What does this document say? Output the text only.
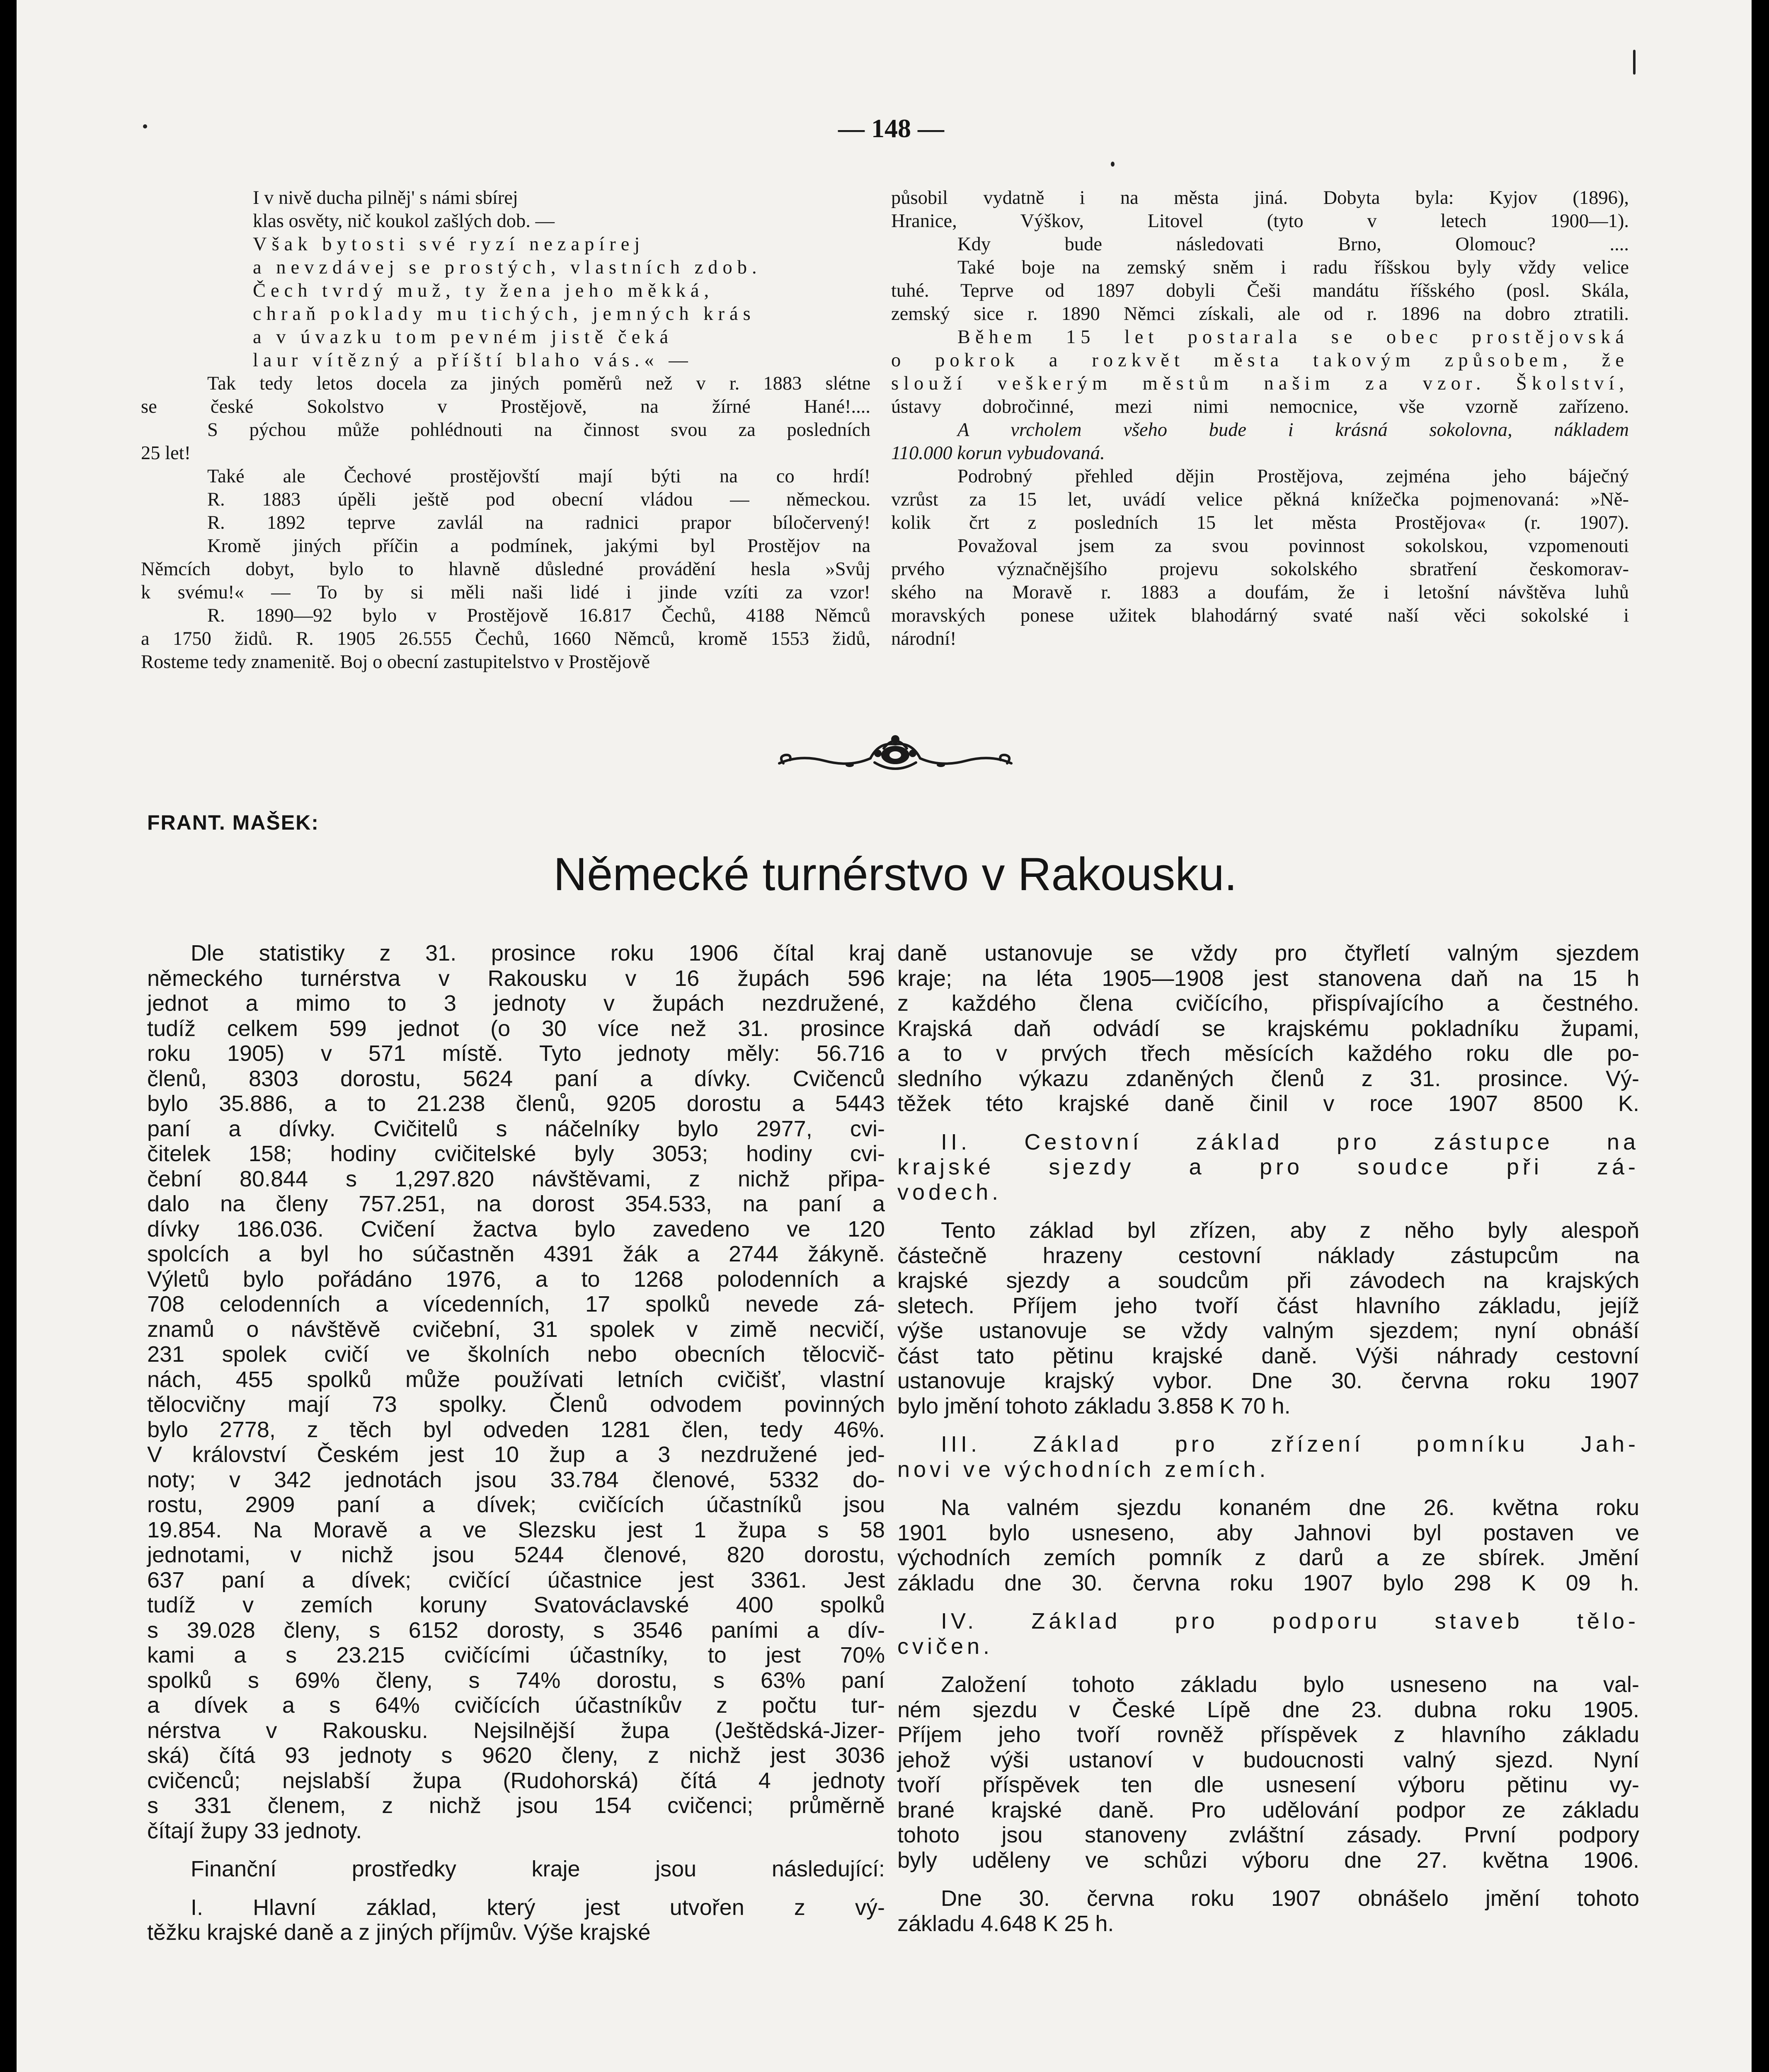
— 148 —
I v nivě ducha pilněj' s námi sbírej
klas osvěty, nič koukol zašlých dob. —
Však bytosti své ryzí nezapírej
a nevzdávej se prostých, vlastních zdob.
Čech tvrdý muž, ty žena jeho měkká,
chraň poklady mu tichých, jemných krás
a v úvazku tom pevném jistě čeká
laur vítězný a příští blaho vás.« —
Tak tedy letos docela za jiných poměrů než v r. 1883 slétne
se české Sokolstvo v Prostějově, na žírné Hané!....
S pýchou může pohlédnouti na činnost svou za posledních
25 let!
Také ale Čechové prostějovští mají býti na co hrdí!
R. 1883 úpěli ještě pod obecní vládou — německou.
R. 1892 teprve zavlál na radnici prapor bíločervený!
Kromě jiných příčin a podmínek, jakými byl Prostějov na
Němcích dobyt, bylo to hlavně důsledné provádění hesla »Svůj
k svému!« — To by si měli naši lidé i jinde vzíti za vzor!
R. 1890—92 bylo v Prostějově 16.817 Čechů, 4188 Němců
a 1750 židů. R. 1905 26.555 Čechů, 1660 Němců, kromě 1553 židů,
Rosteme tedy znamenitě. Boj o obecní zastupitelstvo v Prostějově
působil vydatně i na města jiná. Dobyta byla: Kyjov (1896),
Hranice, Výškov, Litovel (tyto v letech 1900—1).
Kdy bude následovati Brno, Olomouc? ....
Také boje na zemský sněm i radu říšskou byly vždy velice
tuhé. Teprve od 1897 dobyli Češi mandátu říšského (posl. Skála,
zemský sice r. 1890 Němci získali, ale od r. 1896 na dobro ztratili.
Během 15 let postarala se obec prostějovská
o pokrok a rozkvět města takovým způsobem, že
slouží veškerým městům našim za vzor. Školství,
ústavy dobročinné, mezi nimi nemocnice, vše vzorně zařízeno.
A vrcholem všeho bude i krásná sokolovna, nákladem
110.000 korun vybudovaná.
Podrobný přehled dějin Prostějova, zejména jeho báječný
vzrůst za 15 let, uvádí velice pěkná knížečka pojmenovaná: »Ně-
kolik črt z posledních 15 let města Prostějova« (r. 1907).
Považoval jsem za svou povinnost sokolskou, vzpomenouti
prvého význačnějšího projevu sokolského sbratření českomorav-
ského na Moravě r. 1883 a doufám, že i letošní návštěva luhů
moravských ponese užitek blahodárný svaté naší věci sokolské i
národní!
FRANT. MAŠEK:
Německé turnérstvo v Rakousku.
Dle statistiky z 31. prosince roku 1906 čítal kraj
německého turnérstva v Rakousku v 16 župách 596
jednot a mimo to 3 jednoty v župách nezdružené,
tudíž celkem 599 jednot (o 30 více než 31. prosince
roku 1905) v 571 místě. Tyto jednoty měly: 56.716
členů, 8303 dorostu, 5624 paní a dívky. Cvičenců
bylo 35.886, a to 21.238 členů, 9205 dorostu a 5443
paní a dívky. Cvičitelů s náčelníky bylo 2977, cvi-
čitelek 158; hodiny cvičitelské byly 3053; hodiny cvi-
čební 80.844 s 1,297.820 návštěvami, z nichž připa-
dalo na členy 757.251, na dorost 354.533, na paní a
dívky 186.036. Cvičení žactva bylo zavedeno ve 120
spolcích a byl ho súčastněn 4391 žák a 2744 žákyně.
Výletů bylo pořádáno 1976, a to 1268 polodenních a
708 celodenních a vícedenních, 17 spolků nevede zá-
znamů o návštěvě cvičební, 31 spolek v zimě necvičí,
231 spolek cvičí ve školních nebo obecních tělocvič-
nách, 455 spolků může používati letních cvičišť, vlastní
tělocvičny mají 73 spolky. Členů odvodem povinných
bylo 2778, z těch byl odveden 1281 člen, tedy 46%.
V království Českém jest 10 žup a 3 nezdružené jed-
noty; v 342 jednotách jsou 33.784 členové, 5332 do-
rostu, 2909 paní a dívek; cvičících účastníků jsou
19.854. Na Moravě a ve Slezsku jest 1 župa s 58
jednotami, v nichž jsou 5244 členové, 820 dorostu,
637 paní a dívek; cvičící účastnice jest 3361. Jest
tudíž v zemích koruny Svatováclavské 400 spolků
s 39.028 členy, s 6152 dorosty, s 3546 paními a dív-
kami a s 23.215 cvičícími účastníky, to jest 70%
spolků s 69% členy, s 74% dorostu, s 63% paní
a dívek a s 64% cvičících účastníkův z počtu tur-
nérstva v Rakousku. Nejsilnější župa (Ještědská-Jizer-
ská) čítá 93 jednoty s 9620 členy, z nichž jest 3036
cvičenců; nejslabší župa (Rudohorská) čítá 4 jednoty
s 331 členem, z nichž jsou 154 cvičenci; průměrně
čítají župy 33 jednoty.
Finanční prostředky kraje jsou následující:
I. Hlavní základ, který jest utvořen z vý-
těžku krajské daně a z jiných příjmův. Výše krajské
daně ustanovuje se vždy pro čtyřletí valným sjezdem
kraje; na léta 1905—1908 jest stanovena daň na 15 h
z každého člena cvičícího, přispívajícího a čestného.
Krajská daň odvádí se krajskému pokladníku župami,
a to v prvých třech měsících každého roku dle po-
sledního výkazu zdaněných členů z 31. prosince. Vý-
těžek této krajské daně činil v roce 1907 8500 K.
II. Cestovní základ pro zástupce na
krajské sjezdy a pro soudce při zá-
vodech.
Tento základ byl zřízen, aby z něho byly alespoň
částečně hrazeny cestovní náklady zástupcům na
krajské sjezdy a soudcům při závodech na krajských
sletech. Příjem jeho tvoří část hlavního základu, jejíž
výše ustanovuje se vždy valným sjezdem; nyní obnáší
část tato pětinu krajské daně. Výši náhrady cestovní
ustanovuje krajský vybor. Dne 30. června roku 1907
bylo jmění tohoto základu 3.858 K 70 h.
III. Základ pro zřízení pomníku Jah-
novi ve východních zemích.
Na valném sjezdu konaném dne 26. května roku
1901 bylo usneseno, aby Jahnovi byl postaven ve
východních zemích pomník z darů a ze sbírek. Jmění
základu dne 30. června roku 1907 bylo 298 K 09 h.
IV. Základ pro podporu staveb tělo-
cvičen.
Založení tohoto základu bylo usneseno na val-
ném sjezdu v České Lípě dne 23. dubna roku 1905.
Příjem jeho tvoří rovněž příspěvek z hlavního základu
jehož výši ustanoví v budoucnosti valný sjezd. Nyní
tvoří příspěvek ten dle usnesení výboru pětinu vy-
brané krajské daně. Pro udělování podpor ze základu
tohoto jsou stanoveny zvláštní zásady. První podpory
byly uděleny ve schůzi výboru dne 27. května 1906.
Dne 30. června roku 1907 obnášelo jmění tohoto
základu 4.648 K 25 h.
